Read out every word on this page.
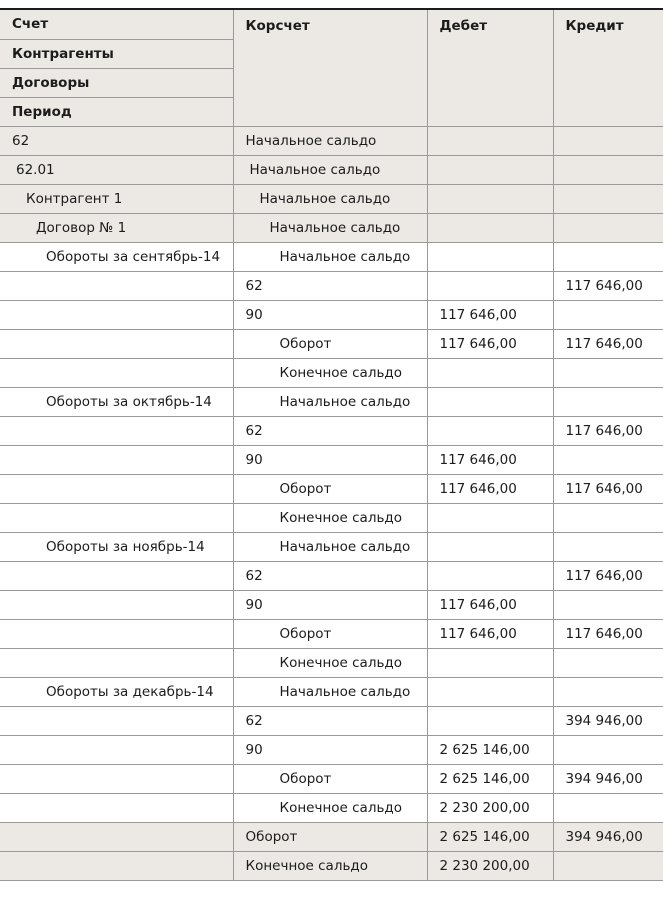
Счет	Корсчет	Дебет	Кредит
Контрагенты			
Договоры			
Период			
62	Начальное сальдо		
62.01	Начальное сальдо		
Контрагент 1	Начальное сальдо		
Договор № 1	Начальное сальдо		
Обороты за сентябрь-14	Начальное сальдо		
	62		117 646,00
	90	117 646,00	
	Оборот	117 646,00	117 646,00
	Конечное сальдо		
Обороты за октябрь-14	Начальное сальдо		
	62		117 646,00
	90	117 646,00	
	Оборот	117 646,00	117 646,00
	Конечное сальдо		
Обороты за ноябрь-14	Начальное сальдо		
	62		117 646,00
	90	117 646,00	
	Оборот	117 646,00	117 646,00
	Конечное сальдо		
Обороты за декабрь-14	Начальное сальдо		
	62		394 946,00
	90	2 625 146,00	
	Оборот	2 625 146,00	394 946,00
	Конечное сальдо	2 230 200,00	
	Оборот	2 625 146,00	394 946,00
	Конечное сальдо	2 230 200,00	
